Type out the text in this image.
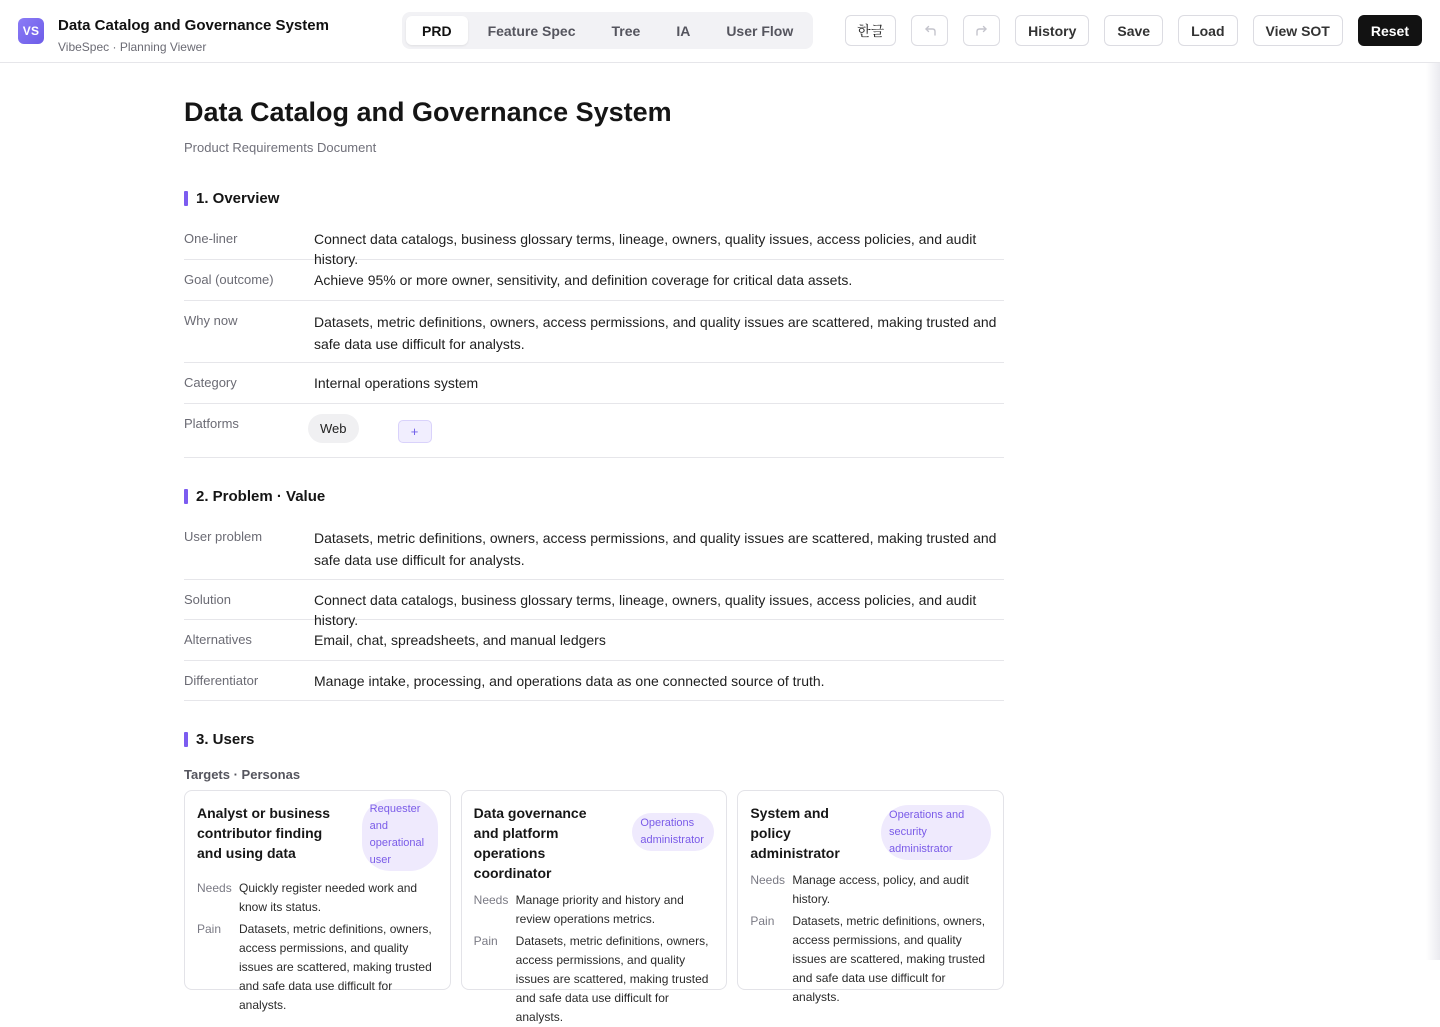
VS	Data Catalog and Governance System
VibeSpec · Planning Viewer
PRD	Feature Spec	Tree	IA	User Flow	한글	History	Save	Load	View SOT	Reset
Data Catalog and Governance System
Product Requirements Document
1. Overview
One-liner	Connect data catalogs, business glossary terms, lineage, owners, quality issues, access policies, and audit history.
Goal (outcome)	Achieve 95% or more owner, sensitivity, and definition coverage for critical data assets.
Why now	Datasets, metric definitions, owners, access permissions, and quality issues are scattered, making trusted and safe data use difficult for analysts.
Category	Internal operations system
Platforms	Web	+
2. Problem · Value
User problem	Datasets, metric definitions, owners, access permissions, and quality issues are scattered, making trusted and safe data use difficult for analysts.
Solution	Connect data catalogs, business glossary terms, lineage, owners, quality issues, access policies, and audit history.
Alternatives	Email, chat, spreadsheets, and manual ledgers
Differentiator	Manage intake, processing, and operations data as one connected source of truth.
3. Users
Targets · Personas
Analyst or business contributor finding and using data
Requester and operational user
Needs Quickly register needed work and know its status.
Pain	Datasets, metric definitions, owners, access permissions, and quality issues are scattered, making trusted and safe data use difficult for analysts.
Data governance and platform operations coordinator
Operations administrator
Needs Manage priority and history and review operations metrics.
Pain	Datasets, metric definitions, owners, access permissions, and quality issues are scattered, making trusted and safe data use difficult for analysts.
System and policy administrator
Operations and security administrator
Needs Manage access, policy, and audit history.
Pain	Datasets, metric definitions, owners, access permissions, and quality issues are scattered, making trusted and safe data use difficult for analysts.
